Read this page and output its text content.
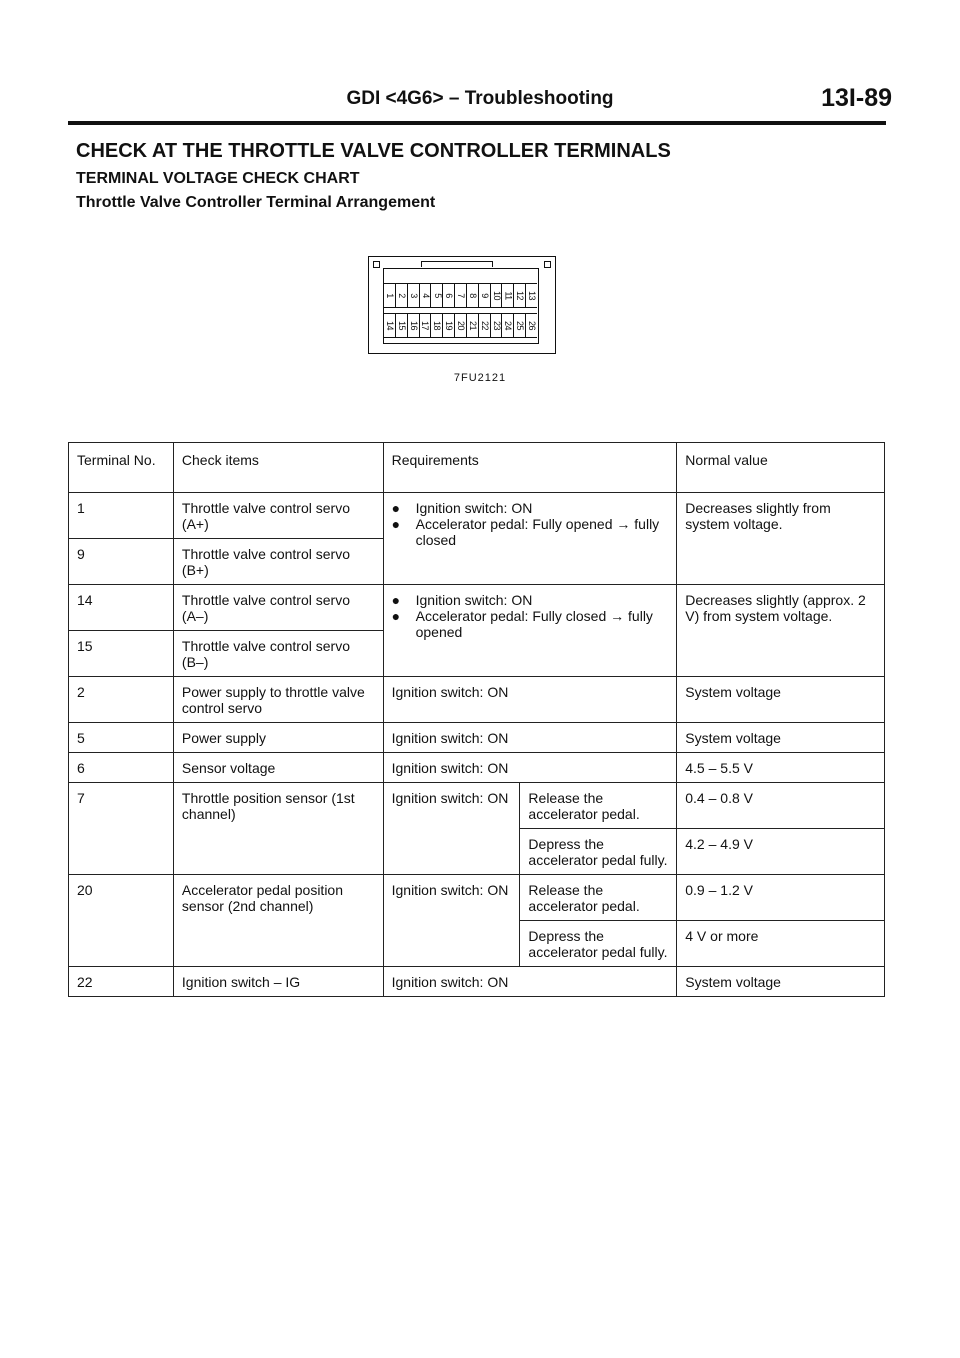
GDI <4G6> – Troubleshooting	13I-89
CHECK AT THE THROTTLE VALVE CONTROLLER TERMINALS
TERMINAL VOLTAGE CHECK CHART
Throttle Valve Controller Terminal Arrangement
1 2 3 4 5 6 7 8 9 10 11 12 13
14 15 16 17 18 19 20 21 22 23 24 25 26
7FU2121
Terminal No.	Check items	Requirements		Normal value
1	Throttle valve control servo (A+)	● Ignition switch: ON
● Accelerator pedal: Fully opened → fully closed		Decreases slightly from system voltage.
9	Throttle valve control servo (B+)			
14	Throttle valve control servo (A–)	● Ignition switch: ON
● Accelerator pedal: Fully closed → fully opened		Decreases slightly (approx. 2 V) from system voltage.
15	Throttle valve control servo (B–)			
2	Power supply to throttle valve control servo	Ignition switch: ON		System voltage
5	Power supply	Ignition switch: ON		System voltage
6	Sensor voltage	Ignition switch: ON		4.5 – 5.5 V
7	Throttle position sensor (1st channel)	Ignition switch: ON	Release the accelerator pedal.	0.4 – 0.8 V
			Depress the accelerator pedal fully.	4.2 – 4.9 V
20	Accelerator pedal position sensor (2nd channel)	Ignition switch: ON	Release the accelerator pedal.	0.9 – 1.2 V
			Depress the accelerator pedal fully.	4 V or more
22	Ignition switch – IG	Ignition switch: ON		System voltage
